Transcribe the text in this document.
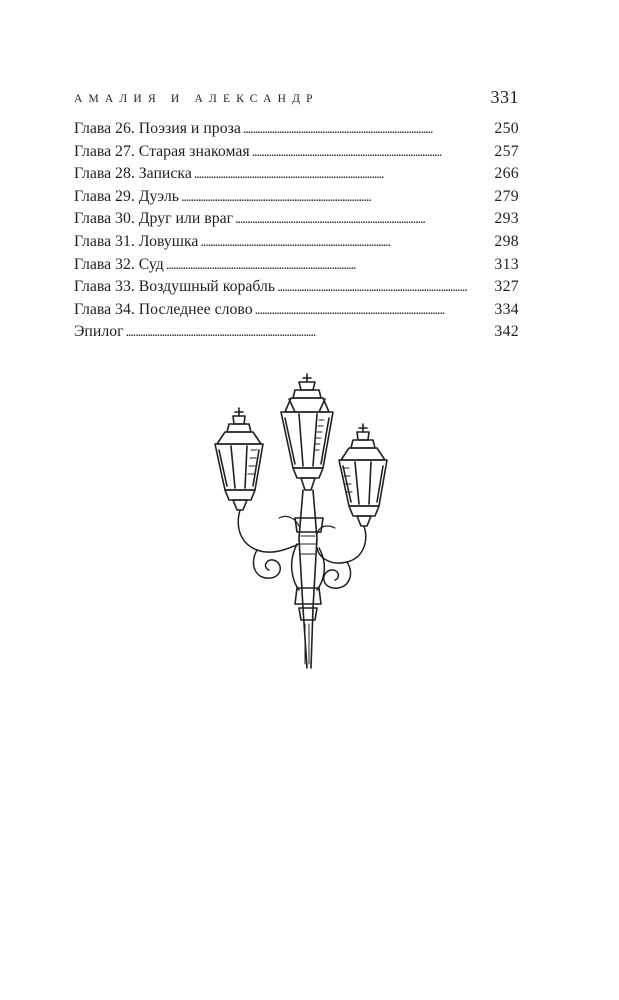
АМАЛИЯ И АЛЕКСАНДР	331
Глава 26. Поэзия и проза . . .	250
Глава 27. Старая знакомая . . .	257
Глава 28. Записка . . .	266
Глава 29. Дуэль . . .	279
Глава 30. Друг или враг . . .	293
Глава 31. Ловушка . . .	298
Глава 32. Суд . . .	313
Глава 33. Воздушный корабль . . .	327
Глава 34. Последнее слово . . .	334
Эпилог . . .	342
